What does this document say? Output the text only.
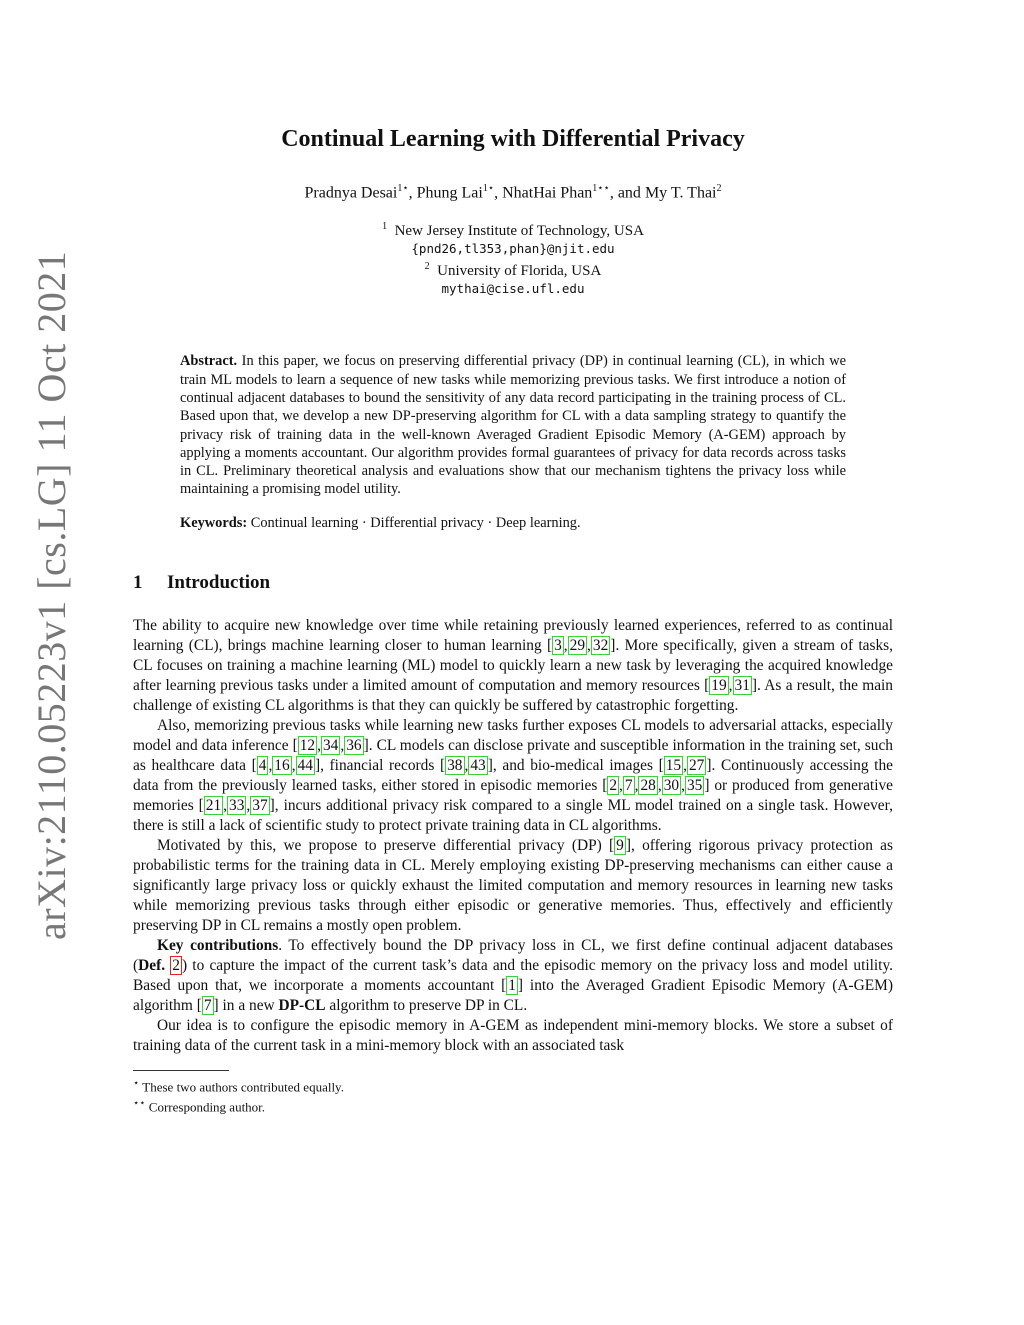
arXiv:2110.05223v1 [cs.LG] 11 Oct 2021
Continual Learning with Differential Privacy
Pradnya Desai$^{1⋆}$, Phung Lai$^{1⋆}$, NhatHai Phan$^{1⋆⋆}$, and My T. Thai$^2$
$^1$ New Jersey Institute of Technology, USA
{pnd26,tl353,phan}@njit.edu
$^2$ University of Florida, USA
mythai@cise.ufl.edu
Abstract. In this paper, we focus on preserving differential privacy (DP) in continual learning (CL), in which we train ML models to learn a sequence of new tasks while memorizing previous tasks. We first introduce a notion of continual adjacent databases to bound the sensitivity of any data record participating in the training process of CL. Based upon that, we develop a new DP-preserving algorithm for CL with a data sampling strategy to quantify the privacy risk of training data in the well-known Averaged Gradient Episodic Memory (A-GEM) approach by applying a moments accountant. Our algorithm provides formal guarantees of privacy for data records across tasks in CL. Preliminary theoretical analysis and evaluations show that our mechanism tightens the privacy loss while maintaining a promising model utility.
Keywords: Continual learning · Differential privacy · Deep learning.
1 Introduction

The ability to acquire new knowledge over time while retaining previously learned experiences, referred to as continual learning (CL), brings machine learning closer to human learning [ 3 , 29 , 32 ]. More specifically, given a stream of tasks, CL focuses on training a machine learning (ML) model to quickly learn a new task by leveraging the acquired knowledge after learning previous tasks under a limited amount of computation and memory resources [ 19 , 31 ]. As a result, the main challenge of existing CL algorithms is that they can quickly be suffered by catastrophic forgetting.

Also, memorizing previous tasks while learning new tasks further exposes CL models to adversarial attacks, especially model and data inference [ 12 , 34 , 36 ]. CL models can disclose private and susceptible information in the training set, such as healthcare data [ 4 , 16 , 44 ], financial records [ 38 , 43 ], and bio-medical images [ 15 , 27 ]. Continuously accessing the data from the previously learned tasks, either stored in episodic memories [ 2 , 7 , 28 , 30 , 35 ] or produced from generative memories [ 21 , 33 , 37 ], incurs additional privacy risk compared to a single ML model trained on a single task. However, there is still a lack of scientific study to protect private training data in CL algorithms.

Motivated by this, we propose to preserve differential privacy (DP) [ 9 ], offering rigorous privacy protection as probabilistic terms for the training data in CL. Merely employing existing DP-preserving mechanisms can either cause a significantly large privacy loss or quickly exhaust the limited computation and memory resources in learning new tasks while memorizing previous tasks through either episodic or generative memories. Thus, effectively and efficiently preserving DP in CL remains a mostly open problem.

Key contributions. To effectively bound the DP privacy loss in CL, we first define continual adjacent databases (Def. 2 ) to capture the impact of the current task’s data and the episodic memory on the privacy loss and model utility. Based upon that, we incorporate a moments accountant [ 1 ] into the Averaged Gradient Episodic Memory (A-GEM) algorithm [ 7 ] in a new DP-CL algorithm to preserve DP in CL.

Our idea is to configure the episodic memory in A-GEM as independent mini-memory blocks. We store a subset of training data of the current task in a mini-memory block with an associated task

⋆ These two authors contributed equally.
⋆⋆ Corresponding author.
